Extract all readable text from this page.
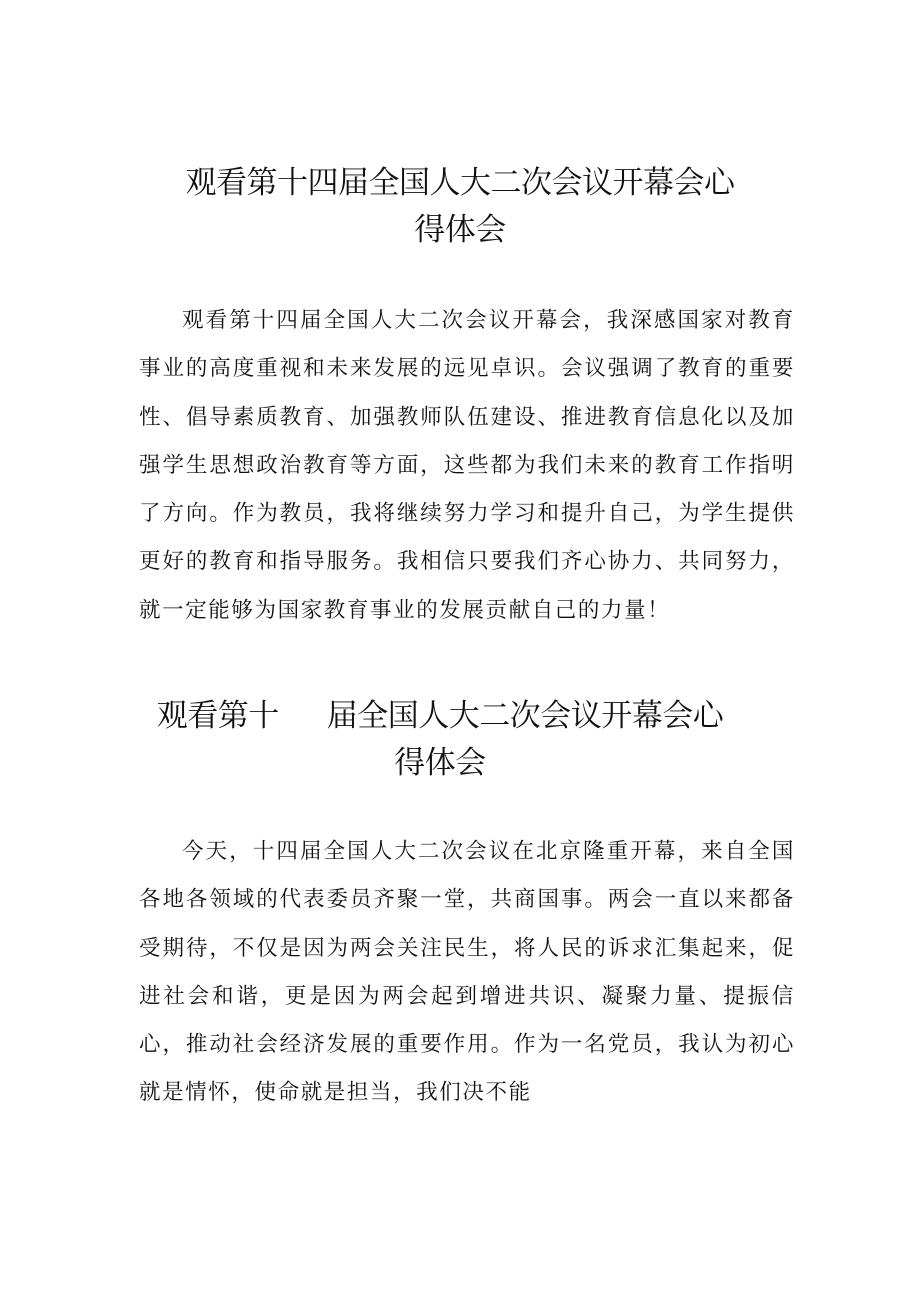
观看第十四届全国人大二次会议开幕会心
得体会

观看第十四届全国人大二次会议开幕会，我深感国家对教育事业的高度重视和未来发展的远见卓识。会议强调了教育的重要性、倡导素质教育、加强教师队伍建设、推进教育信息化以及加强学生思想政治教育等方面，这些都为我们未来的教育工作指明了方向。作为教员，我将继续努力学习和提升自己，为学生提供更好的教育和指导服务。我相信只要我们齐心协力、共同努力，就一定能够为国家教育事业的发展贡献自己的力量！

观看第十 届全国人大二次会议开幕会心
得体会

今天，十四届全国人大二次会议在北京隆重开幕，来自全国各地各领域的代表委员齐聚一堂，共商国事。两会一直以来都备受期待，不仅是因为两会关注民生，将人民的诉求汇集起来，促进社会和谐，更是因为两会起到增进共识、凝聚力量、提振信心，推动社会经济发展的重要作用。作为一名党员，我认为初心就是情怀，使命就是担当，我们决不能
